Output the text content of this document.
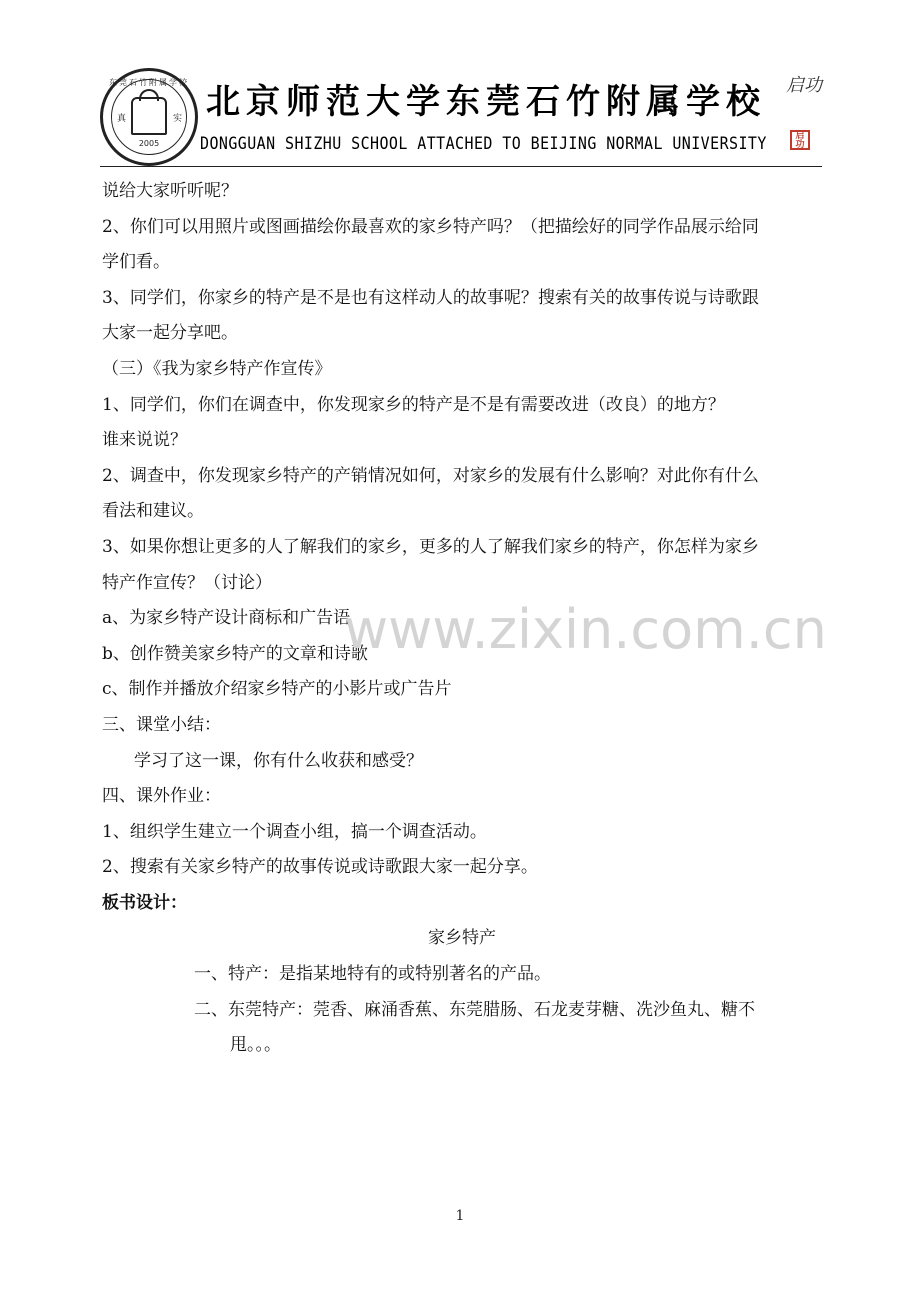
东莞石竹附属学校
真	实
2005
北京师范大学东莞石竹附属学校
DONGGUAN SHIZHU SCHOOL ATTACHED TO BEIJING NORMAL UNIVERSITY
启功
启功

说给大家听听呢？

2、你们可以用照片或图画描绘你最喜欢的家乡特产吗？（把描绘好的同学作品展示给同

学们看。

3、同学们，你家乡的特产是不是也有这样动人的故事呢？搜索有关的故事传说与诗歌跟

大家一起分享吧。

（三）《我为家乡特产作宣传》

1、同学们，你们在调查中，你发现家乡的特产是不是有需要改进（改良）的地方？

谁来说说？

2、调查中，你发现家乡特产的产销情况如何，对家乡的发展有什么影响？对此你有什么

看法和建议。

3、如果你想让更多的人了解我们的家乡，更多的人了解我们家乡的特产，你怎样为家乡

特产作宣传？（讨论）

a、为家乡特产设计商标和广告语

b、创作赞美家乡特产的文章和诗歌

c、制作并播放介绍家乡特产的小影片或广告片

三、课堂小结：

学习了这一课，你有什么收获和感受？

四、课外作业：

1、组织学生建立一个调查小组，搞一个调查活动。

2、搜索有关家乡特产的故事传说或诗歌跟大家一起分享。

板书设计：

家乡特产

一、特产：是指某地特有的或特别著名的产品。

二、东莞特产：莞香、麻涌香蕉、东莞腊肠、石龙麦芽糖、冼沙鱼丸、糖不

甩。。。

www.zixin.com.cn
1
